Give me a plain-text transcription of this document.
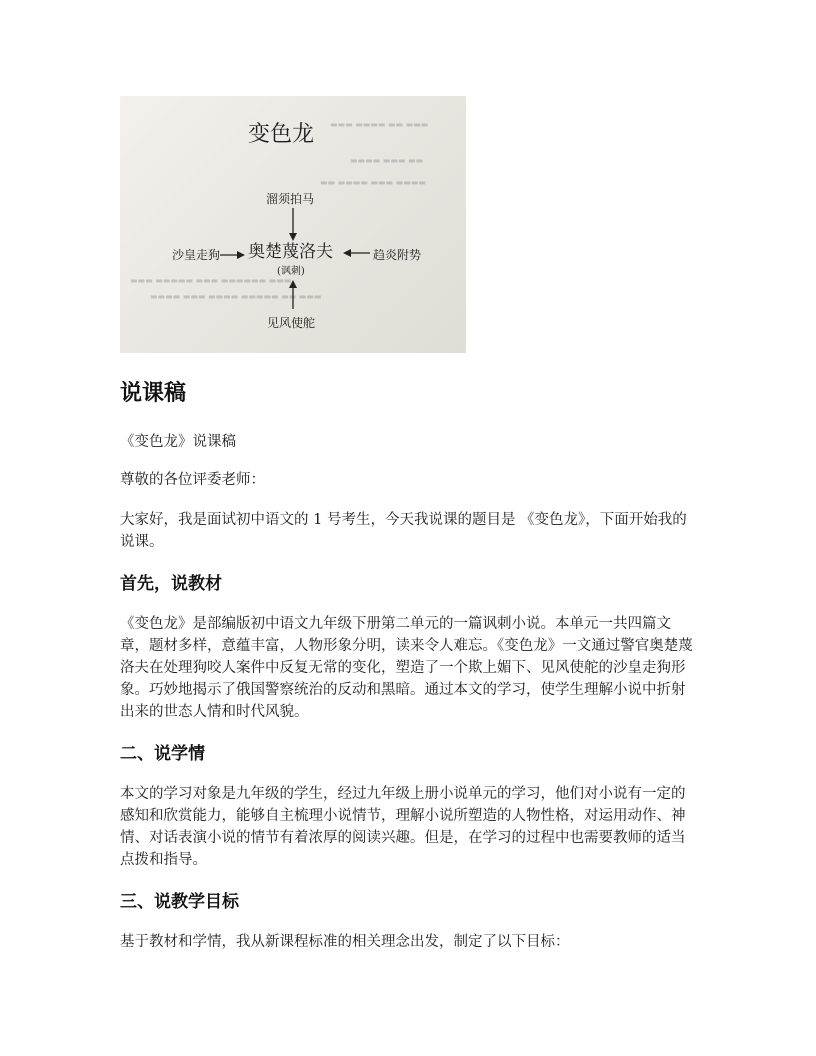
▬▬▬ ▬▬▬▬ ▬▬ ▬▬▬
▬▬▬▬ ▬▬▬ ▬▬
▬▬ ▬▬▬▬ ▬▬▬ ▬▬▬▬
▬▬▬ ▬▬▬▬▬ ▬▬▬ ▬▬▬▬▬▬ ▬▬▬
▬▬▬▬ ▬▬▬ ▬▬▬▬ ▬▬▬▬▬ ▬▬ ▬▬▬
变色龙
溜须拍马
奥楚蔑洛夫
(讽刺)
沙皇走狗	趋炎附势
见风使舵
说课稿

《变色龙》说课稿

尊敬的各位评委老师：

大家好，我是面试初中语文的 1 号考生，今天我说课的题目是 《变色龙》，下面开始我的说课。

首先，说教材

《变色龙》是部编版初中语文九年级下册第二单元的一篇讽刺小说。本单元一共四篇文章，题材多样，意蕴丰富，人物形象分明，读来令人难忘。《变色龙》一文通过警官奥楚蔑洛夫在处理狗咬人案件中反复无常的变化，塑造了一个欺上媚下、见风使舵的沙皇走狗形象。巧妙地揭示了俄国警察统治的反动和黑暗。通过本文的学习，使学生理解小说中折射出来的世态人情和时代风貌。

二、说学情

本文的学习对象是九年级的学生，经过九年级上册小说单元的学习，他们对小说有一定的感知和欣赏能力，能够自主梳理小说情节，理解小说所塑造的人物性格，对运用动作、神情、对话表演小说的情节有着浓厚的阅读兴趣。但是，在学习的过程中也需要教师的适当点拨和指导。

三、说教学目标

基于教材和学情，我从新课程标准的相关理念出发，制定了以下目标：
